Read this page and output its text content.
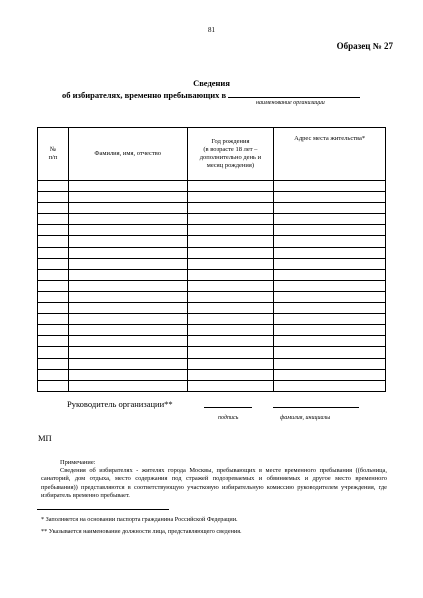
81
Образец № 27
Сведения
об избирателях, временно пребывающих в
наименование организации
№
п/п	Фамилия, имя, отчество	Год рождения
(в возрасте 18 лет –
дополнительно день и
месяц рождения)	Адрес места жительства*

Руководитель организации**
подпись	фамилия, инициалы
МП
Примечание:
Сведения об избирателях - жителях города Москвы, пребывающих в месте временного пребывания ((больница, санаторий, дом отдыха, место содержания под стражей подозреваемых и обвиняемых и другое место временного пребывания)) представляются в соответствующую участковую избирательную комиссию руководителем учреждения, где избиратель временно пребывает.
* Заполняется на основании паспорта гражданина Российской Федерации.
** Указывается наименование должности лица, представляющего сведения.
